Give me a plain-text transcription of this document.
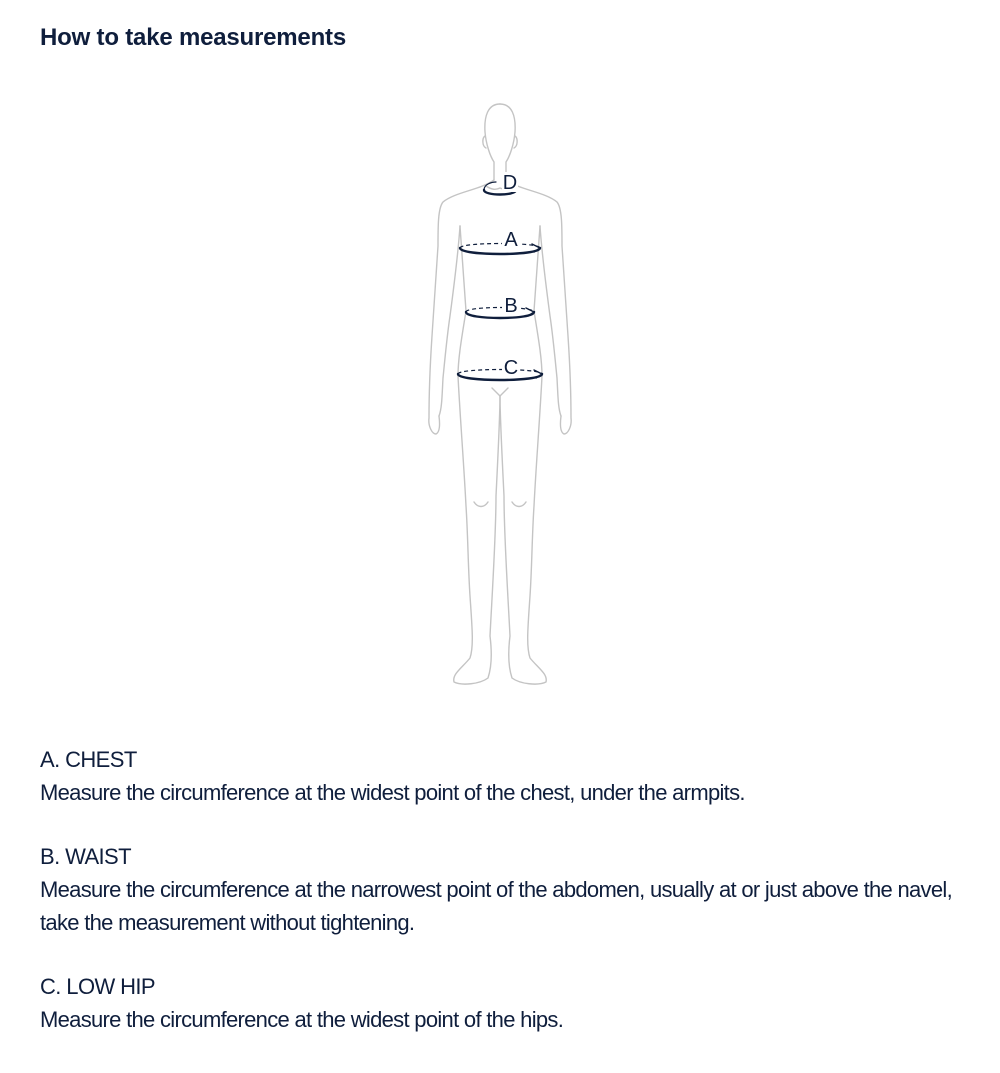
How to take measurements
D
A
B
C

A. CHEST

Measure the circumference at the widest point of the chest, under the armpits.

B. WAIST

Measure the circumference at the narrowest point of the abdomen, usually at or just above the navel, take the measurement without tightening.

C. LOW HIP

Measure the circumference at the widest point of the hips.
